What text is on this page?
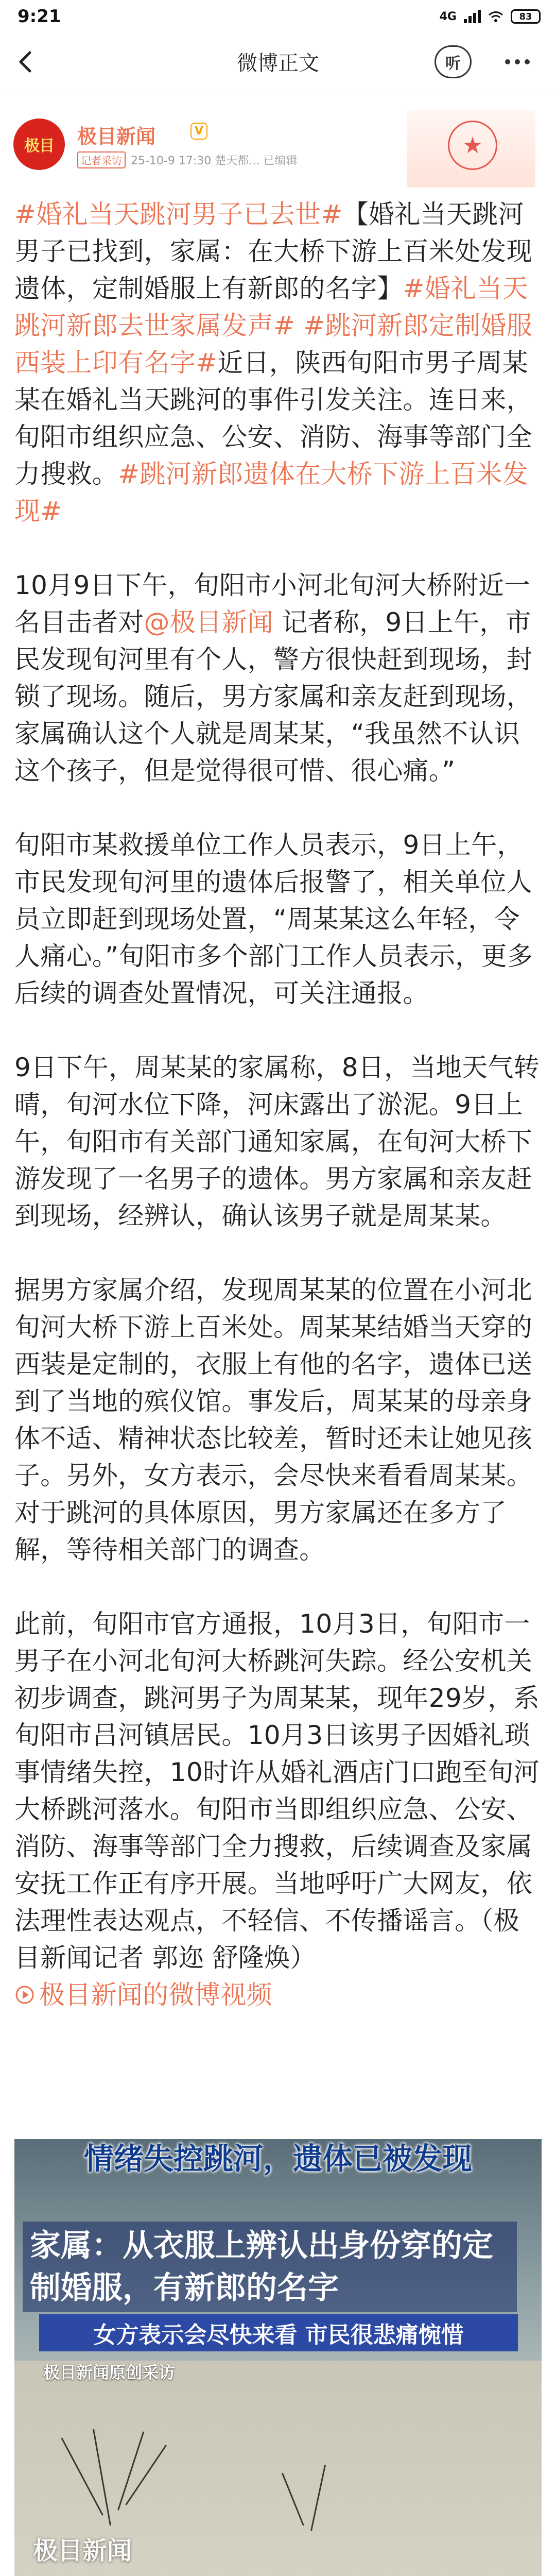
9:21	4G	83
微博正文	听
极目 极目新闻	V
记者采访 25-10-9 17:30 楚天都... 已编辑
★

#婚礼当天跳河男子已去世#【婚礼当天跳河男子已找到，家属：在大桥下游上百米处发现遗体，定制婚服上有新郎的名字】#婚礼当天跳河新郎去世家属发声# #跳河新郎定制婚服西装上印有名字#近日，陕西旬阳市男子周某某在婚礼当天跳河的事件引发关注。连日来，旬阳市组织应急、公安、消防、海事等部门全力搜救。#跳河新郎遗体在大桥下游上百米发现#

10月9日下午，旬阳市小河北旬河大桥附近一名目击者对@极目新闻 记者称，9日上午，市民发现旬河里有个人，警方很快赶到现场，封锁了现场。随后，男方家属和亲友赶到现场，家属确认这个人就是周某某，“我虽然不认识这个孩子，但是觉得很可惜、很心痛。”

旬阳市某救援单位工作人员表示，9日上午，市民发现旬河里的遗体后报警了，相关单位人员立即赶到现场处置，“周某某这么年轻，令人痛心。”旬阳市多个部门工作人员表示，更多后续的调查处置情况，可关注通报。

9日下午，周某某的家属称，8日，当地天气转晴，旬河水位下降，河床露出了淤泥。9日上午，旬阳市有关部门通知家属，在旬河大桥下游发现了一名男子的遗体。男方家属和亲友赶到现场，经辨认，确认该男子就是周某某。

据男方家属介绍，发现周某某的位置在小河北旬河大桥下游上百米处。周某某结婚当天穿的西装是定制的，衣服上有他的名字，遗体已送到了当地的殡仪馆。事发后，周某某的母亲身体不适、精神状态比较差，暂时还未让她见孩子。另外，女方表示，会尽快来看看周某某。对于跳河的具体原因，男方家属还在多方了解，等待相关部门的调查。

此前，旬阳市官方通报，10月3日，旬阳市一男子在小河北旬河大桥跳河失踪。经公安机关初步调查，跳河男子为周某某，现年29岁，系旬阳市吕河镇居民。10月3日该男子因婚礼琐事情绪失控，10时许从婚礼酒店门口跑至旬河大桥跳河落水。旬阳市当即组织应急、公安、消防、海事等部门全力搜救，后续调查及家属安抚工作正有序开展。当地呼吁广大网友，依法理性表达观点，不轻信、不传播谣言。（极目新闻记者 郭迩 舒隆焕）

极目新闻的微博视频
情绪失控跳河，遗体已被发现
家属：从衣服上辨认出身份穿的定制婚服，有新郎的名字
女方表示会尽快来看 市民很悲痛惋惜
极目新闻原创采访
极目新闻
